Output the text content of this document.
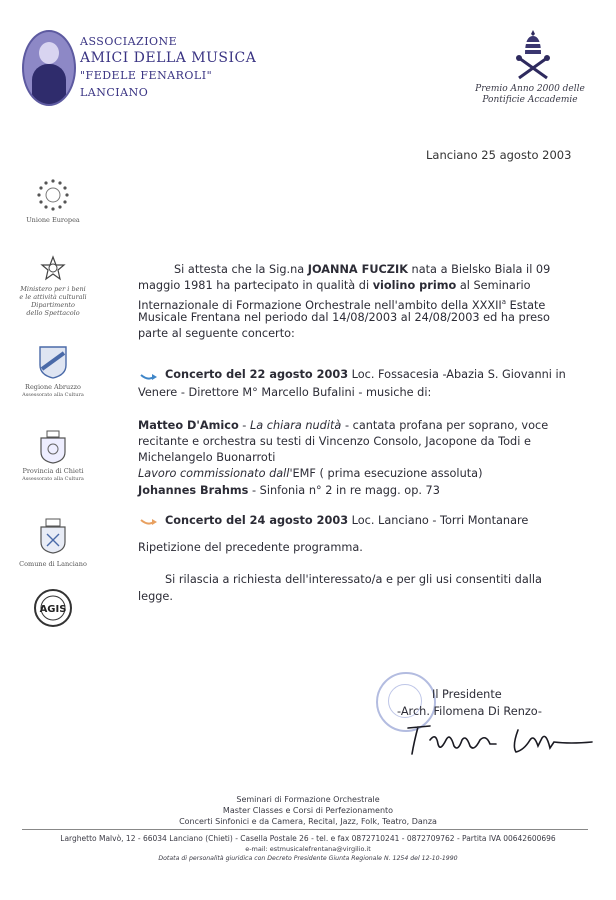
ASSOCIAZIONE
AMICI DELLA MUSICA
"FEDELE FENAROLI"
LANCIANO	Premio Anno 2000 delle
Pontificie Accademie
Lanciano 25 agosto 2003
Unione Europea
Ministero per i beni
e le attività culturali
Dipartimento
dello Spettacolo
Regione Abruzzo
Assessorato alla Cultura
Provincia di Chieti
Assessorato alla Cultura
Comune di Lanciano
AGIS
Si attesta che la Sig.na JOANNA FUCZIK nata a Bielsko Biala il 09
maggio 1981 ha partecipato in qualità di violino primo al Seminario
Internazionale di Formazione Orchestrale nell'ambito della XXXII$^a$ Estate
Musicale Frentana nel periodo dal 14/08/2003 al 24/08/2003 ed ha preso
parte al seguente concerto:
Concerto del 22 agosto 2003 Loc. Fossacesia -Abazia S. Giovanni in
Venere - Direttore M° Marcello Bufalini - musiche di:
Matteo D'Amico - La chiara nudità - cantata profana per soprano, voce
recitante e orchestra su testi di Vincenzo Consolo, Jacopone da Todi e
Michelangelo Buonarroti
Lavoro commissionato dall'EMF ( prima esecuzione assoluta)
Johannes Brahms - Sinfonia n° 2 in re magg. op. 73
Concerto del 24 agosto 2003 Loc. Lanciano - Torri Montanare
Ripetizione del precedente programma.
Si rilascia a richiesta dell'interessato/a e per gli usi consentiti dalla
legge.
Il Presidente
-Arch. Filomena Di Renzo-
Seminari di Formazione Orchestrale
Master Classes e Corsi di Perfezionamento
Concerti Sinfonici e da Camera, Recital, Jazz, Folk, Teatro, Danza
Larghetto Malvò, 12 - 66034 Lanciano (Chieti) - Casella Postale 26 - tel. e fax 0872710241 - 0872709762 - Partita IVA 00642600696
e-mail: estmusicalefrentana@virgilio.it
Dotata di personalità giuridica con Decreto Presidente Giunta Regionale N. 1254 del 12-10-1990
